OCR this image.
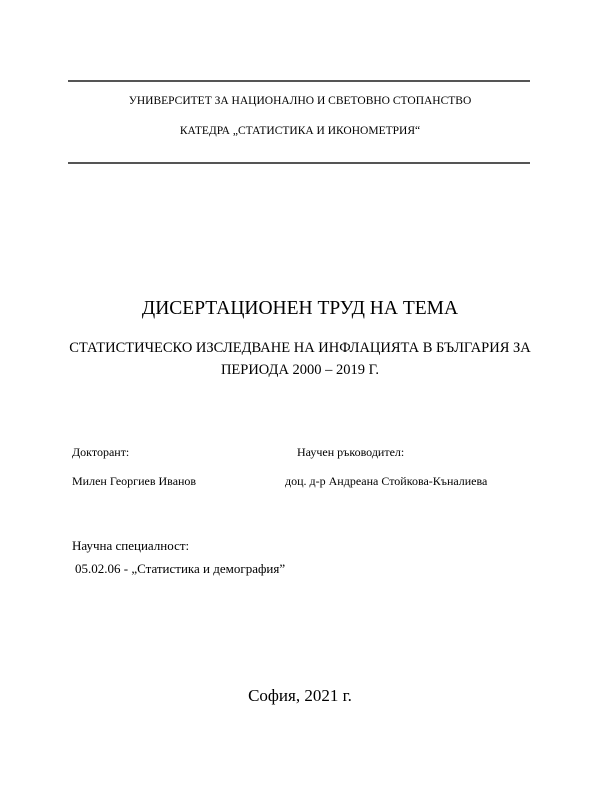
УНИВЕРСИТЕТ ЗА НАЦИОНАЛНО И СВЕТОВНО СТОПАНСТВО
КАТЕДРА „СТАТИСТИКА И ИКОНОМЕТРИЯ“
ДИСЕРТАЦИОНЕН ТРУД НА ТЕМА
СТАТИСТИЧЕСКО ИЗСЛЕДВАНЕ НА ИНФЛАЦИЯТА В БЪЛГАРИЯ ЗА
ПЕРИОДА 2000 – 2019 Г.
Докторант:	Научен ръководител:
Милен Георгиев Иванов	доц. д-р Андреана Стойкова-Кънaлиева
Научна специалност:
05.02.06 - „Статистика и демография”
София, 2021 г.
